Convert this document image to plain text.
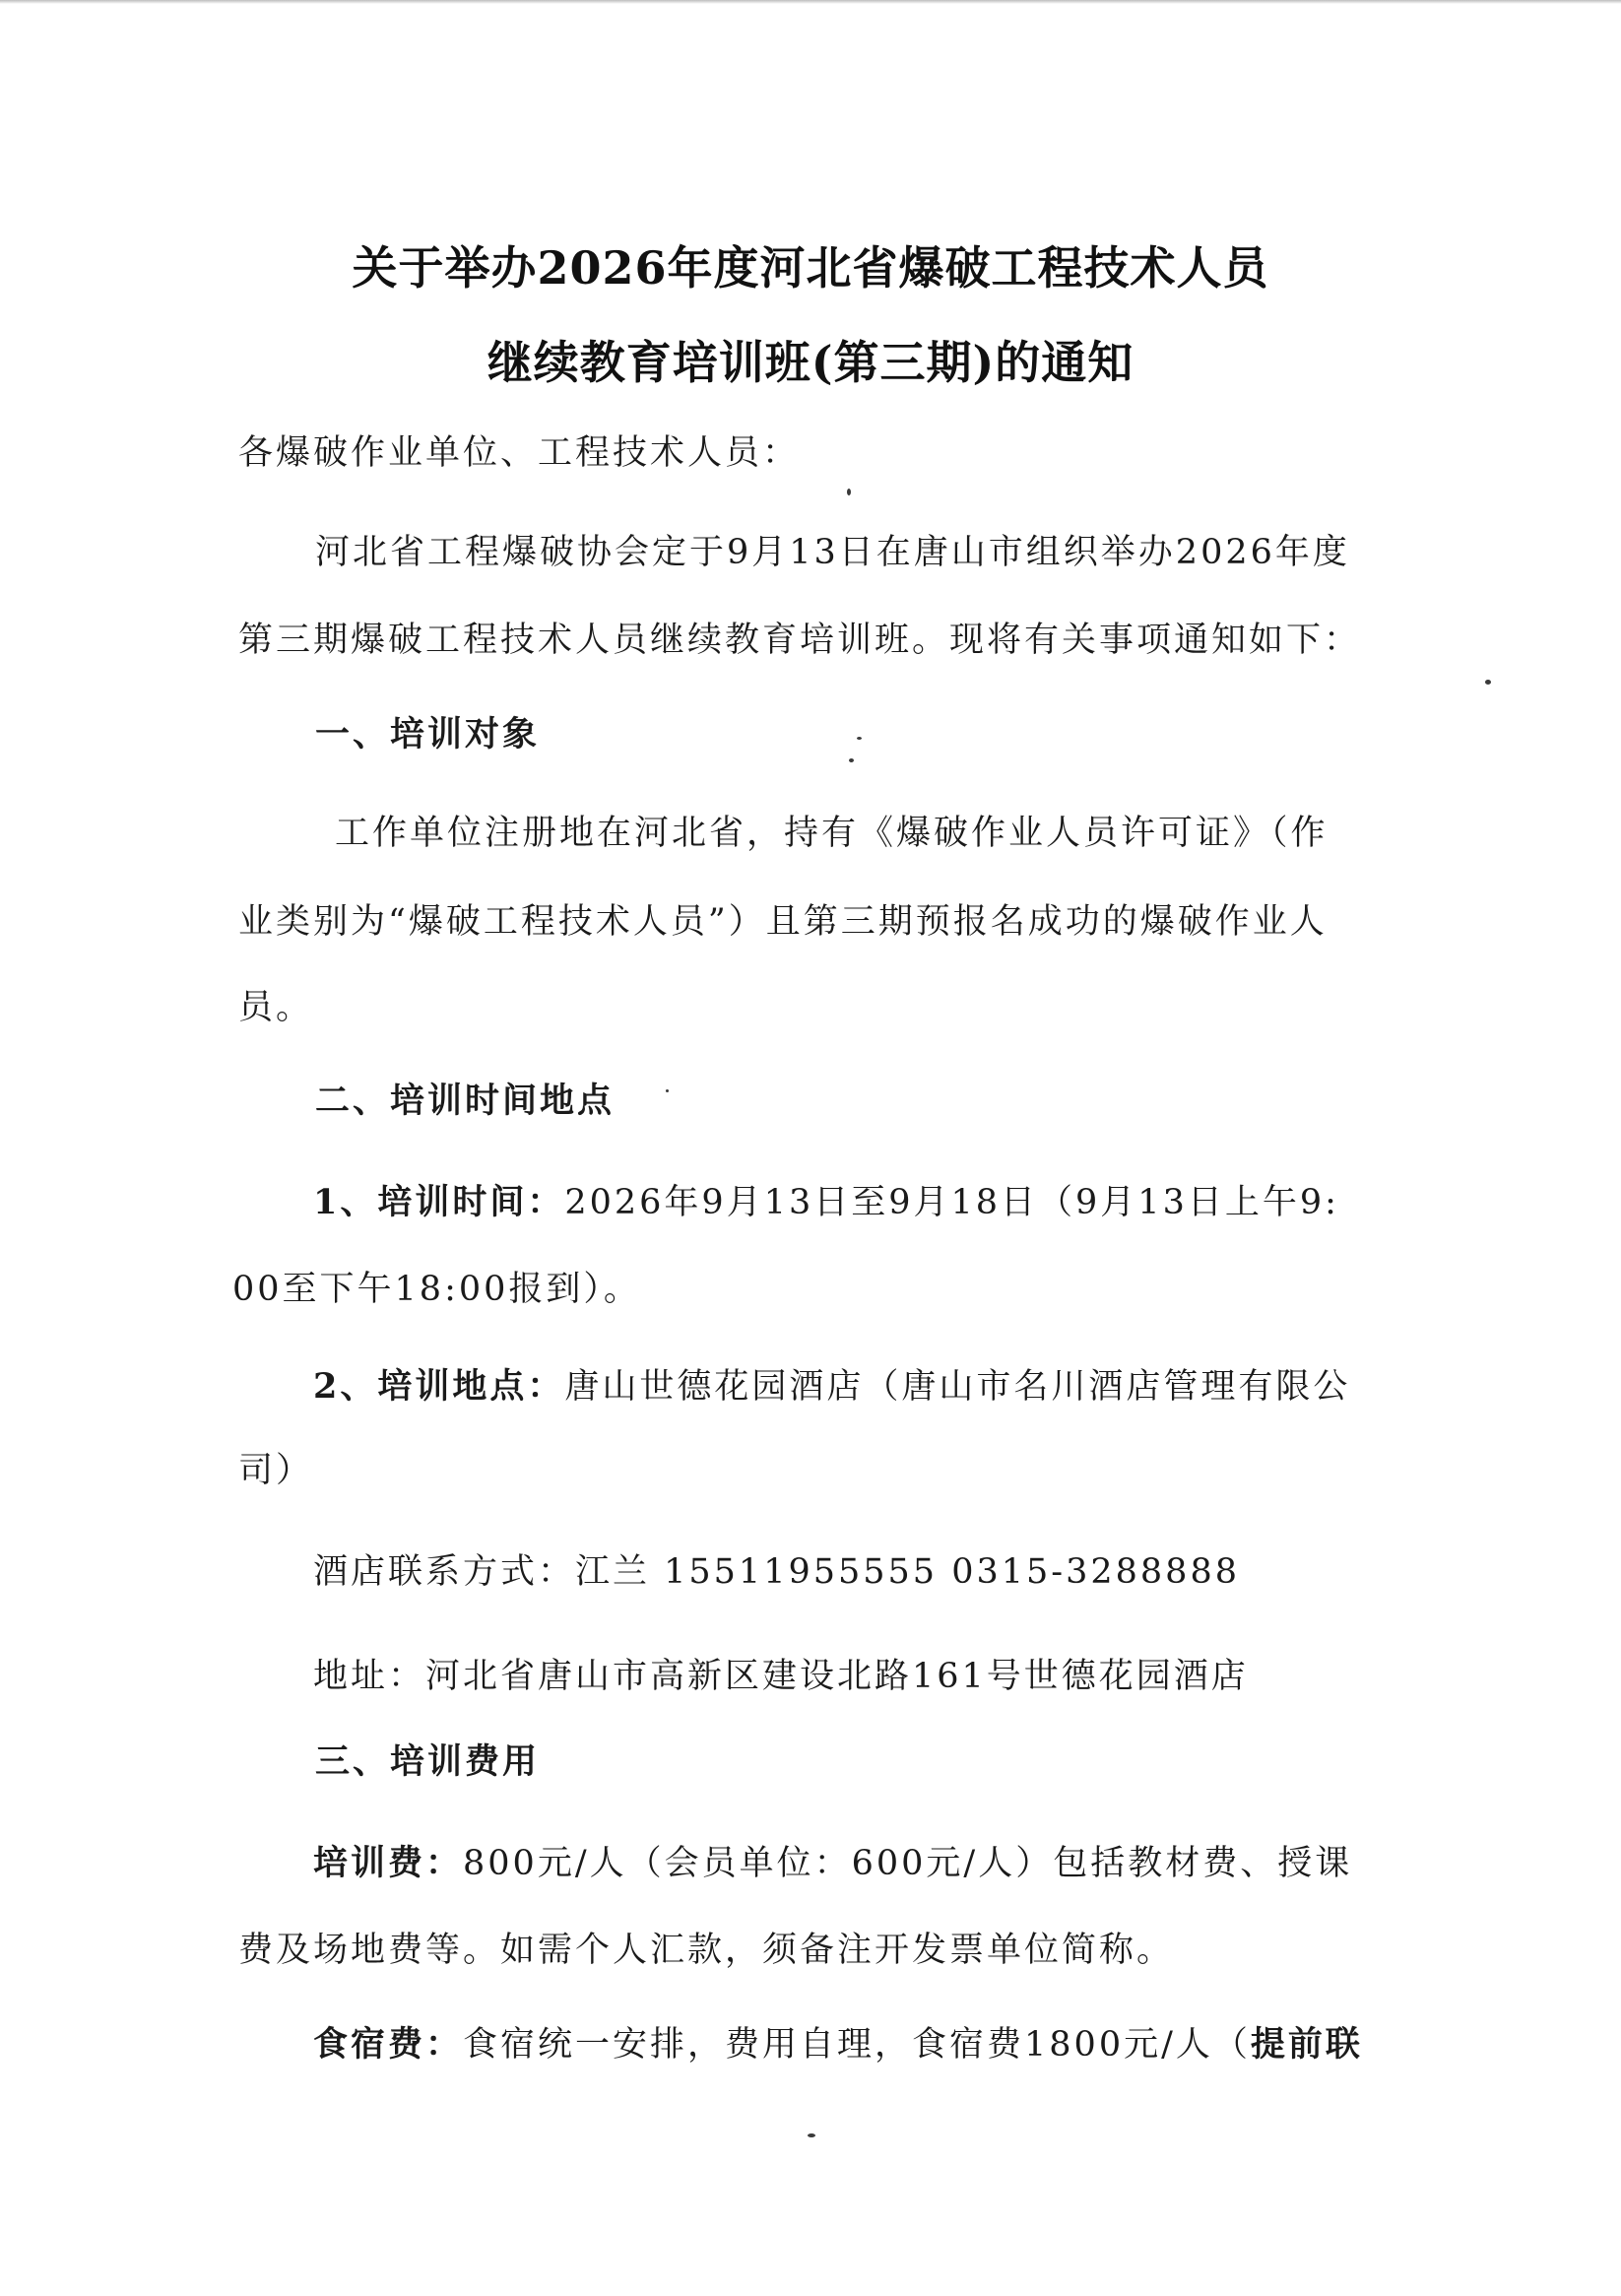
关于举办2026年度河北省爆破工程技术人员
继续教育培训班(第三期)的通知
各爆破作业单位、工程技术人员：
河北省工程爆破协会定于9月13日在唐山市组织举办2026年度
第三期爆破工程技术人员继续教育培训班。现将有关事项通知如下：
一、培训对象
工作单位注册地在河北省，持有《爆破作业人员许可证》（作
业类别为“爆破工程技术人员”）且第三期预报名成功的爆破作业人
员。
二、培训时间地点
1、培训时间：2026年9月13日至9月18日（9月13日上午9:
00至下午18:00报到）。
2、培训地点：唐山世德花园酒店（唐山市名川酒店管理有限公
司）
酒店联系方式：江兰 15511955555 0315-3288888
地址：河北省唐山市高新区建设北路161号世德花园酒店
三、培训费用
培训费：800元/人（会员单位：600元/人）包括教材费、授课
费及场地费等。如需个人汇款，须备注开发票单位简称。
食宿费：食宿统一安排，费用自理，食宿费1800元/人（提前联
